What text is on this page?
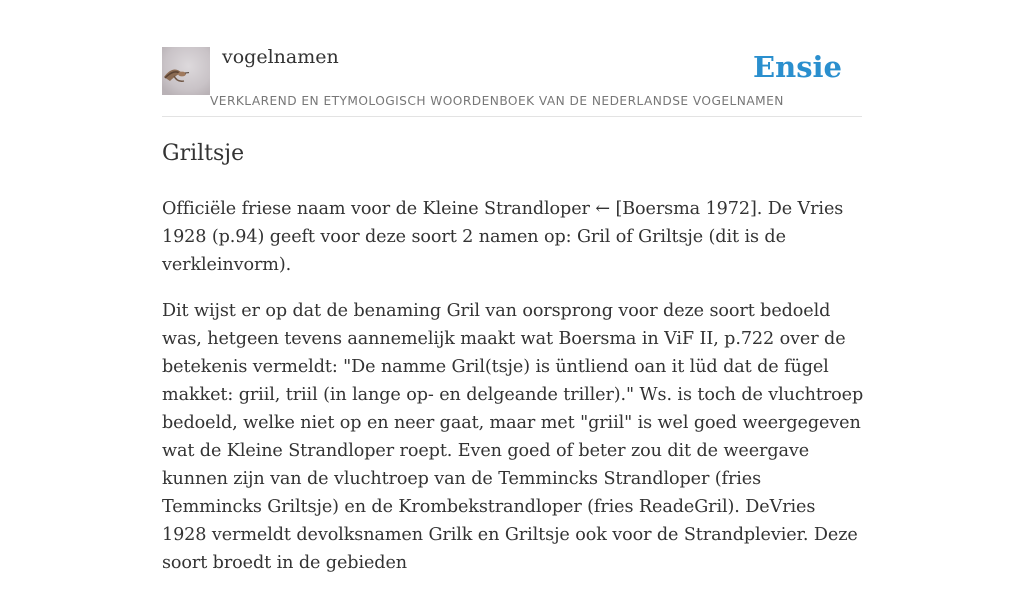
vogelnamen
VERKLAREND EN ETYMOLOGISCH WOORDENBOEK VAN DE NEDERLANDSE VOGELNAMEN
Ensie
Griltsje

Officiële friese naam voor de Kleine Strandloper ← [Boersma 1972]. De Vries 1928 (p.94) geeft voor deze soort 2 namen op: Gril of Griltsje (dit is de verkleinvorm).

Dit wijst er op dat de benaming Gril van oorsprong voor deze soort bedoeld was, hetgeen tevens aannemelijk maakt wat Boersma in ViF II, p.722 over de betekenis vermeldt: "De namme Gril(tsje) is üntliend oan it lüd dat de fügel makket: griil, triil (in lange op- en delgeande triller)." Ws. is toch de vluchtroep bedoeld, welke niet op en neer gaat, maar met "griil" is wel goed weergegeven wat de Kleine Strandloper roept. Even goed of beter zou dit de weergave kunnen zijn van de vluchtroep van de Temmincks Strandloper (fries Temmincks Griltsje) en de Krombekstrandloper (fries ReadeGril). DeVries 1928 vermeldt devolksnamen Grilk en Griltsje ook voor de Strandplevier. Deze soort broedt in de gebieden
